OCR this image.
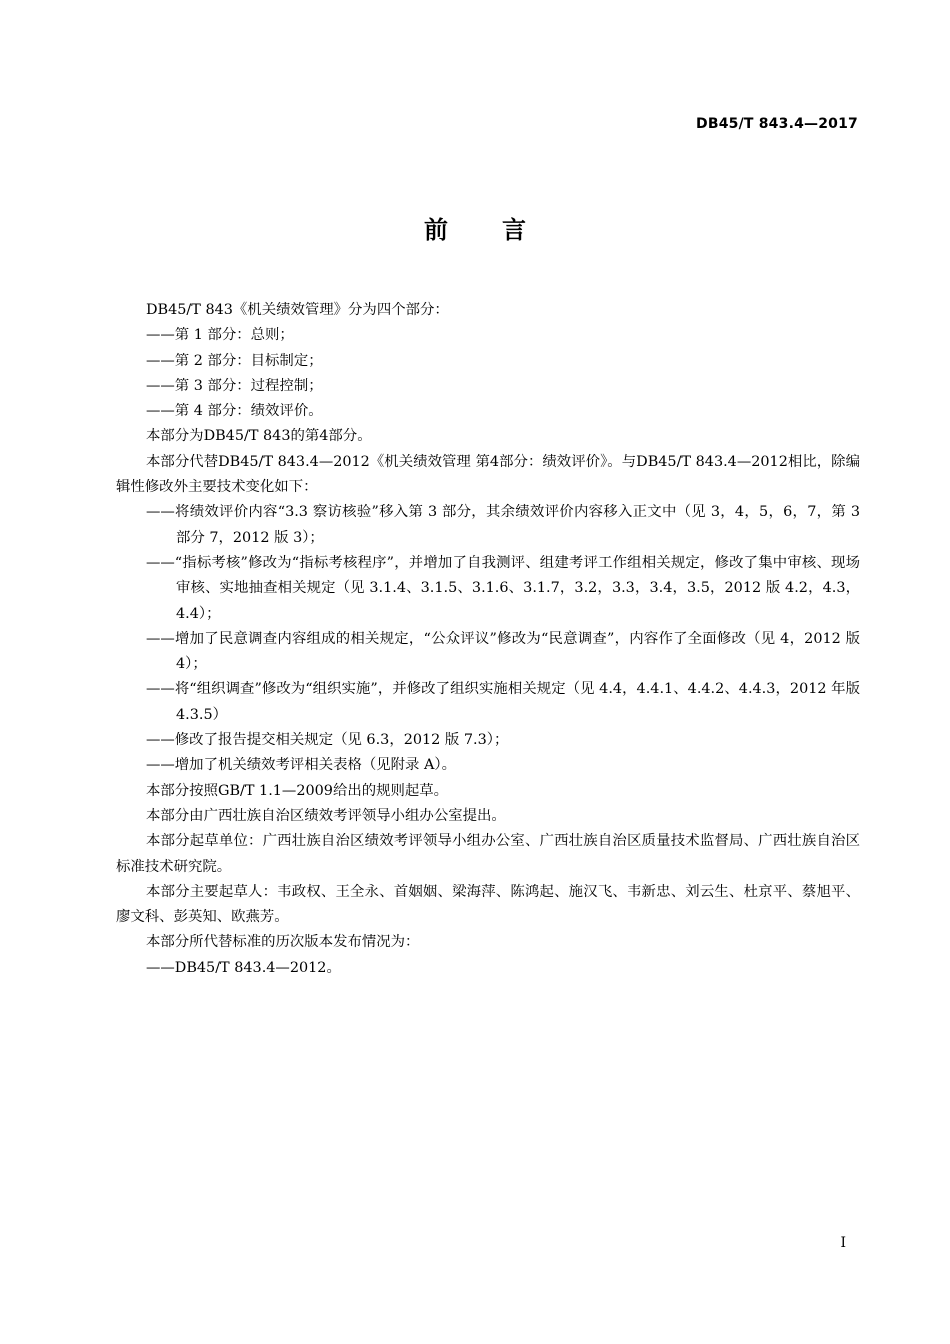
DB45/T 843.4—2017
前言

DB45/T 843《机关绩效管理》分为四个部分：

——第 1 部分：总则；

——第 2 部分：目标制定；

——第 3 部分：过程控制；

——第 4 部分：绩效评价。

本部分为DB45/T 843的第4部分。

本部分代替DB45/T 843.4—2012《机关绩效管理 第4部分：绩效评价》。与DB45/T 843.4—2012相比，除编辑性修改外主要技术变化如下：

——将绩效评价内容“3.3 察访核验”移入第 3 部分，其余绩效评价内容移入正文中（见 3，4，5，6，7，第 3 部分 7，2012 版 3）；

——“指标考核”修改为“指标考核程序”，并增加了自我测评、组建考评工作组相关规定，修改了集中审核、现场审核、实地抽查相关规定（见 3.1.4、3.1.5、3.1.6、3.1.7，3.2，3.3，3.4，3.5，2012 版 4.2，4.3，4.4）；

——增加了民意调查内容组成的相关规定，“公众评议”修改为“民意调查”，内容作了全面修改（见 4，2012 版 4）；

——将“组织调查”修改为“组织实施”，并修改了组织实施相关规定（见 4.4，4.4.1、4.4.2、4.4.3，2012 年版 4.3.5）

——修改了报告提交相关规定（见 6.3，2012 版 7.3）；

——增加了机关绩效考评相关表格（见附录 A）。

本部分按照GB/T 1.1—2009给出的规则起草。

本部分由广西壮族自治区绩效考评领导小组办公室提出。

本部分起草单位：广西壮族自治区绩效考评领导小组办公室、广西壮族自治区质量技术监督局、广西壮族自治区标准技术研究院。

本部分主要起草人：韦政权、王全永、首姻姻、梁海萍、陈鸿起、施汉飞、韦新忠、刘云生、杜京平、蔡旭平、廖文科、彭英知、欧燕芳。

本部分所代替标准的历次版本发布情况为：

——DB45/T 843.4—2012。

I
